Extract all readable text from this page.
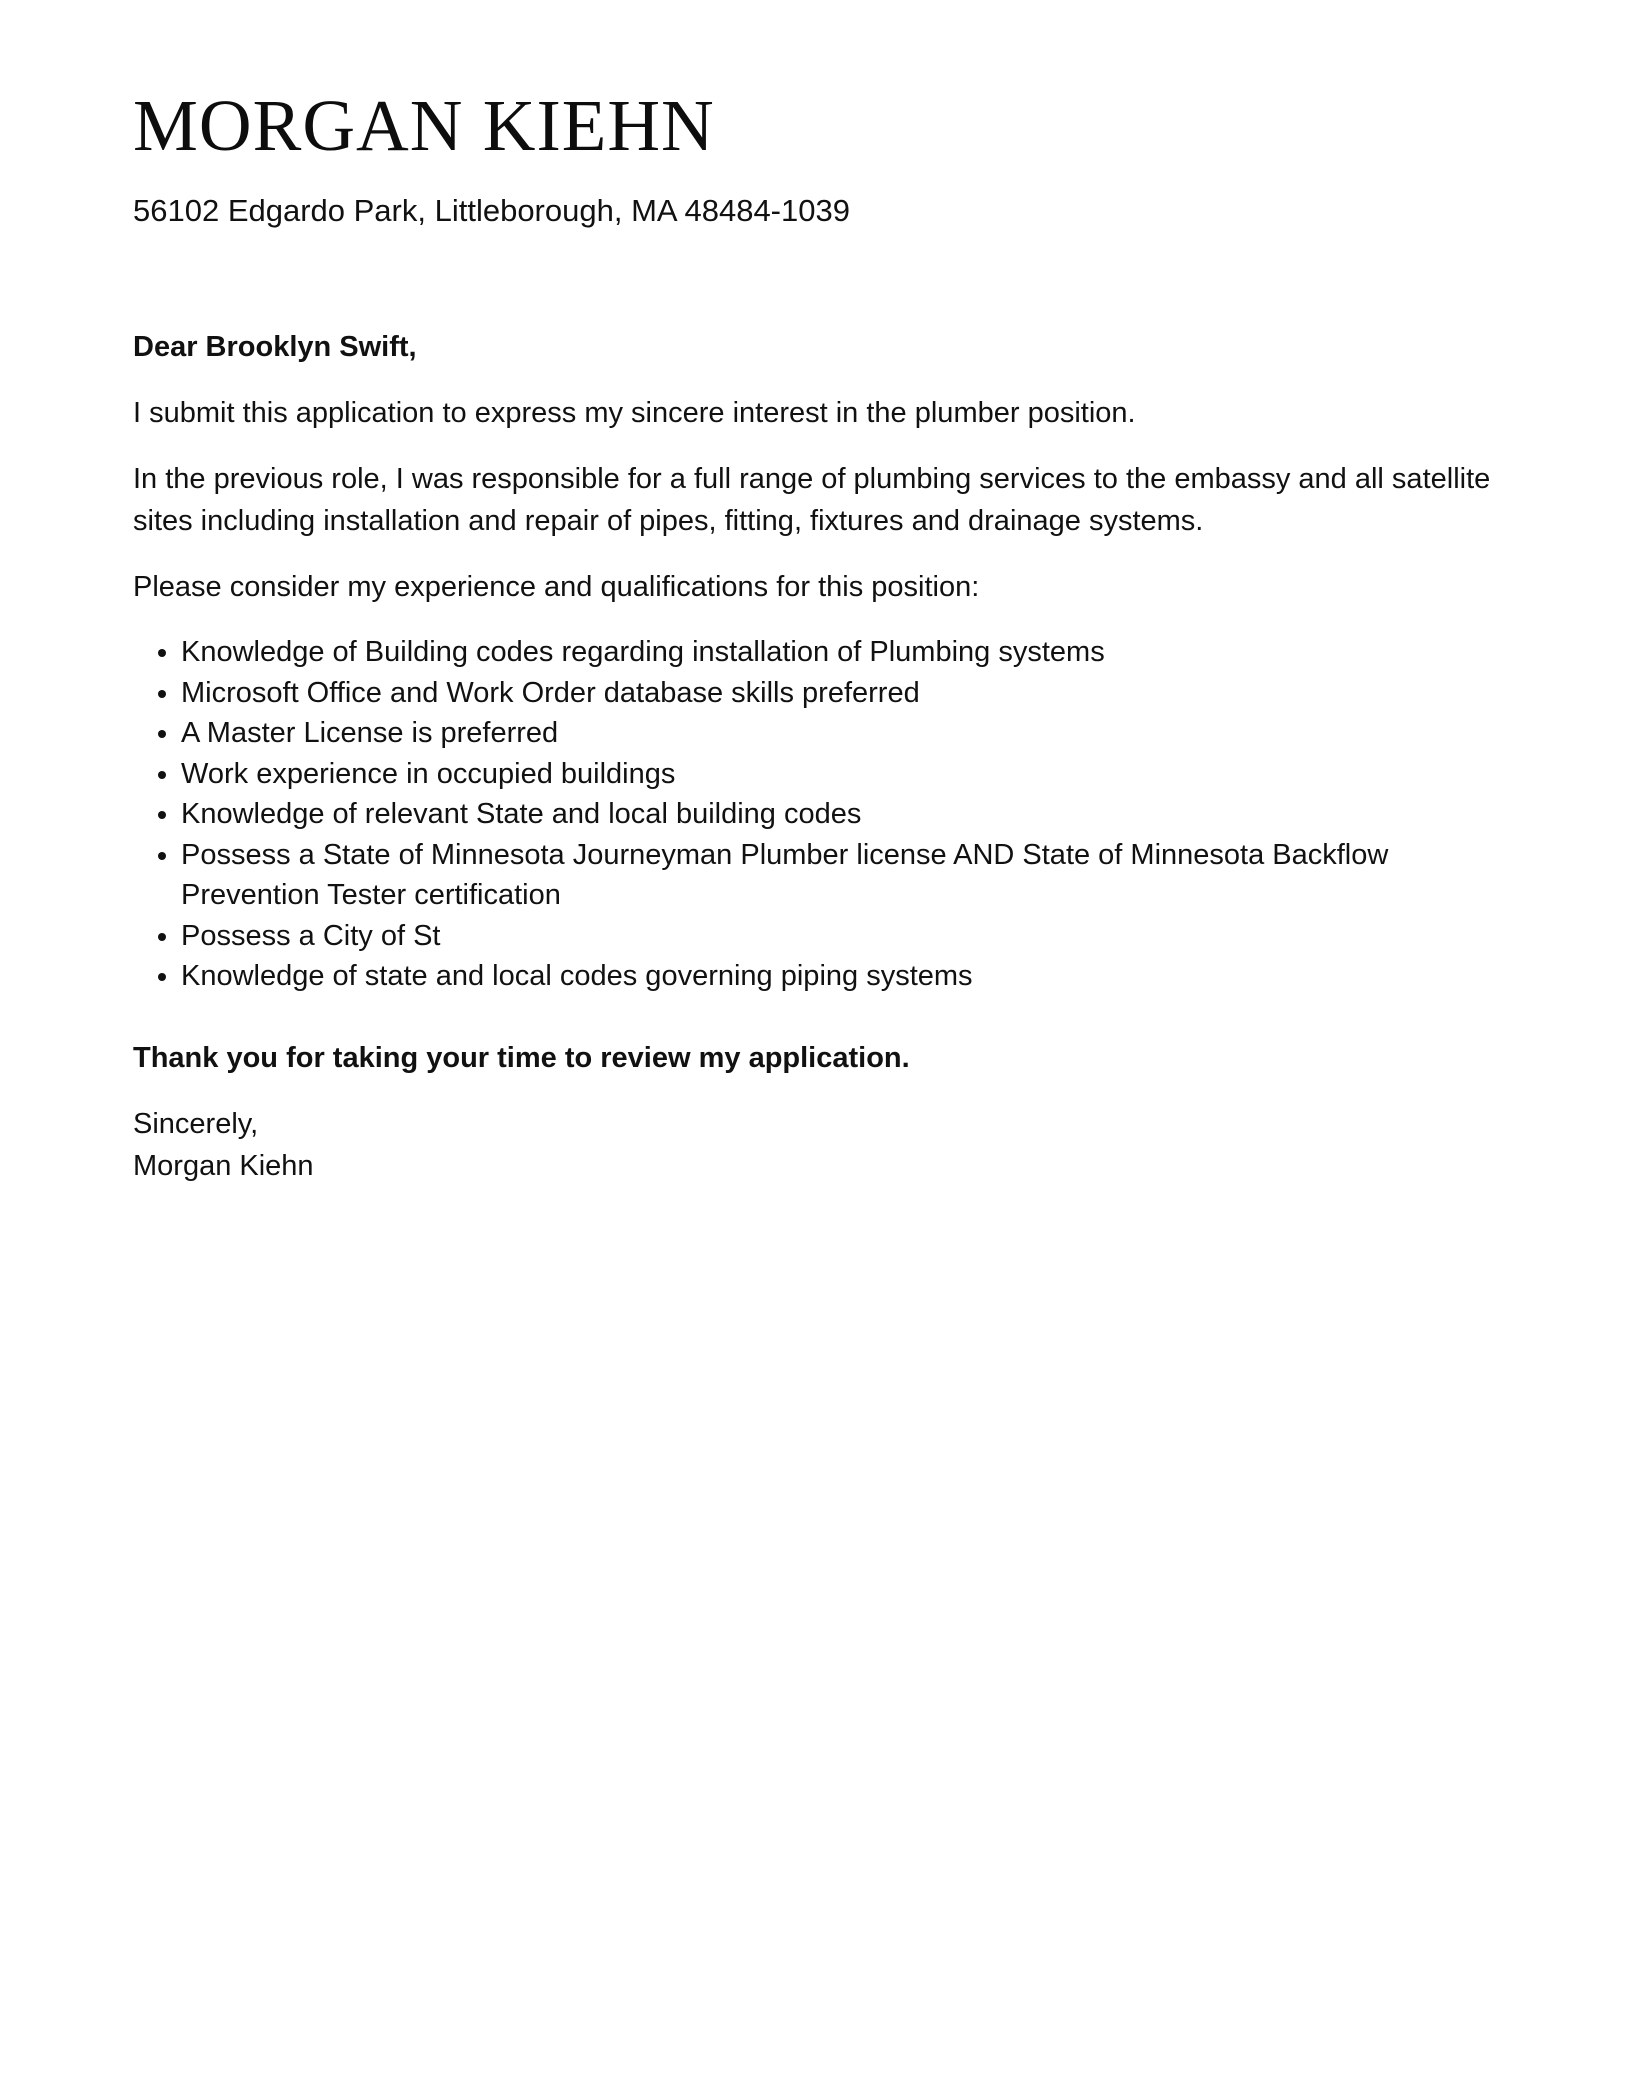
MORGAN KIEHN

56102 Edgardo Park, Littleborough, MA 48484-1039

Dear Brooklyn Swift,

I submit this application to express my sincere interest in the plumber position.

In the previous role, I was responsible for a full range of plumbing services to the embassy and all satellite sites including installation and repair of pipes, fitting, fixtures and drainage systems.

Please consider my experience and qualifications for this position:

• Knowledge of Building codes regarding installation of Plumbing systems
• Microsoft Office and Work Order database skills preferred
• A Master License is preferred
• Work experience in occupied buildings
• Knowledge of relevant State and local building codes
• Possess a State of Minnesota Journeyman Plumber license AND State of Minnesota Backflow Prevention Tester certification
• Possess a City of St
• Knowledge of state and local codes governing piping systems

Thank you for taking your time to review my application.

Sincerely,
Morgan Kiehn
